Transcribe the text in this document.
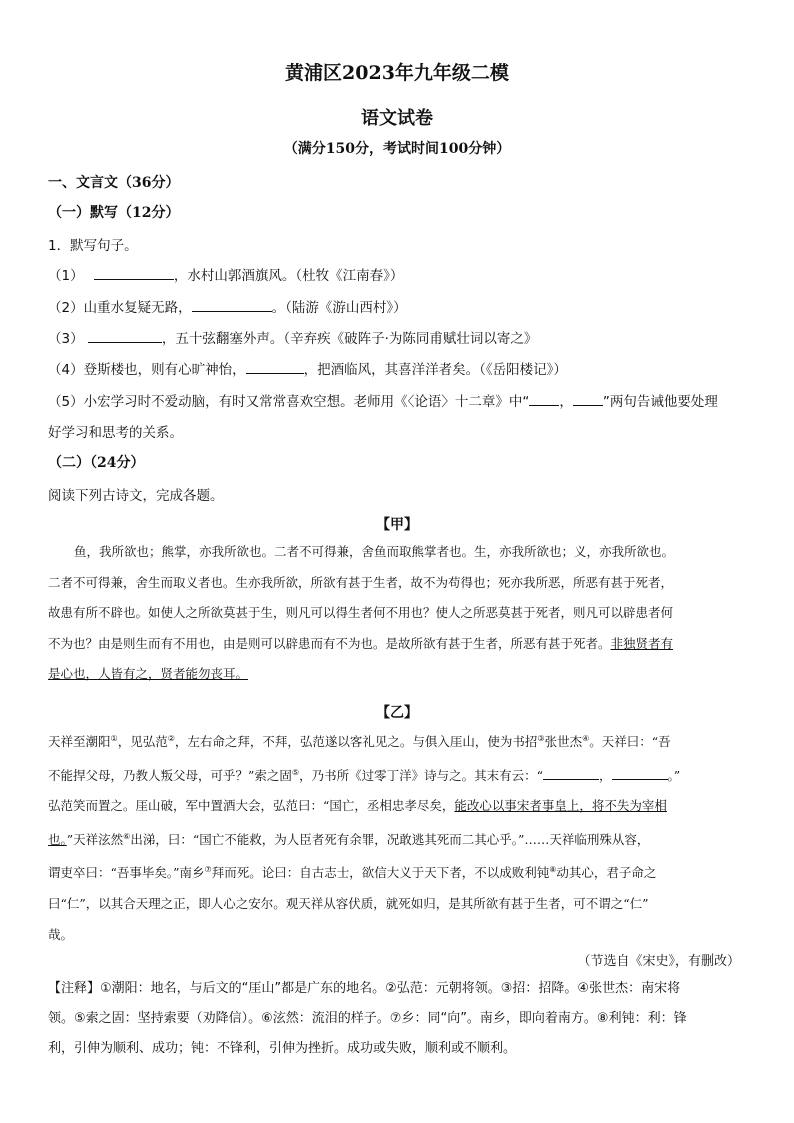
黄浦区2023年九年级二模
语文试卷
（满分150分，考试时间100分钟）
一、文言文（36分）
（一）默写（12分）
1．默写句子。
（1）	，水村山郭酒旗风。（杜牧《江南春》）
（2）山重水复疑无路，	。（陆游《游山西村》）
（3）	，五十弦翻塞外声。（辛弃疾《破阵子·为陈同甫赋壮词以寄之》
（4）登斯楼也，则有心旷神怡，	，把酒临风，其喜洋洋者矣。（《岳阳楼记》）
（5）小宏学习时不爱动脑，有时又常常喜欢空想。老师用《〈论语〉十二章》中“ ， ”两句告诫他要处理
好学习和思考的关系。
（二）（24分）
阅读下列古诗文，完成各题。
【甲】

鱼，我所欲也；熊掌，亦我所欲也。二者不可得兼，舍鱼而取熊掌者也。生，亦我所欲也；义，亦我所欲也。

二者不可得兼，舍生而取义者也。生亦我所欲，所欲有甚于生者，故不为苟得也；死亦我所恶，所恶有甚于死者，

故患有所不辟也。如使人之所欲莫甚于生，则凡可以得生者何不用也？使人之所恶莫甚于死者，则凡可以辟患者何

不为也？由是则生而有不用也，由是则可以辟患而有不为也。是故所欲有甚于生者，所恶有甚于死者。非独贤者有

是心也，人皆有之，贤者能勿丧耳。

【乙】

天祥至潮阳①，见弘范②，左右命之拜，不拜，弘范遂以客礼见之。与俱入厓山，使为书招③张世杰④。天祥曰：“吾

不能捍父母，乃教人叛父母，可乎？”索之固⑤，乃书所《过零丁洋》诗与之。其末有云：“	，	。”

弘范笑而置之。厓山破，军中置酒大会，弘范曰：“国亡，丞相忠孝尽矣，能改心以事宋者事皇上，将不失为宰相

也。”天祥泫然⑥出涕，曰：“国亡不能救，为人臣者死有余罪，况敢逃其死而二其心乎。”……天祥临刑殊从容，

谓吏卒曰：“吾事毕矣。”南乡⑦拜而死。论曰：自古志士，欲信大义于天下者，不以成败利钝⑧动其心，君子命之

曰“仁”，以其合天理之正，即人心之安尔。观天祥从容伏质，就死如归，是其所欲有甚于生者，可不谓之“仁”

哉。

（节选自《宋史》，有删改）
【注释】①潮阳：地名，与后文的“厓山”都是广东的地名。②弘范：元朝将领。③招：招降。④张世杰：南宋将
领。⑤索之固：坚持索要（劝降信）。⑥泫然：流泪的样子。⑦乡：同“向”。南乡，即向着南方。⑧利钝：利：锋
利，引伸为顺利、成功；钝：不锋利，引伸为挫折。成功或失败，顺利或不顺利。
